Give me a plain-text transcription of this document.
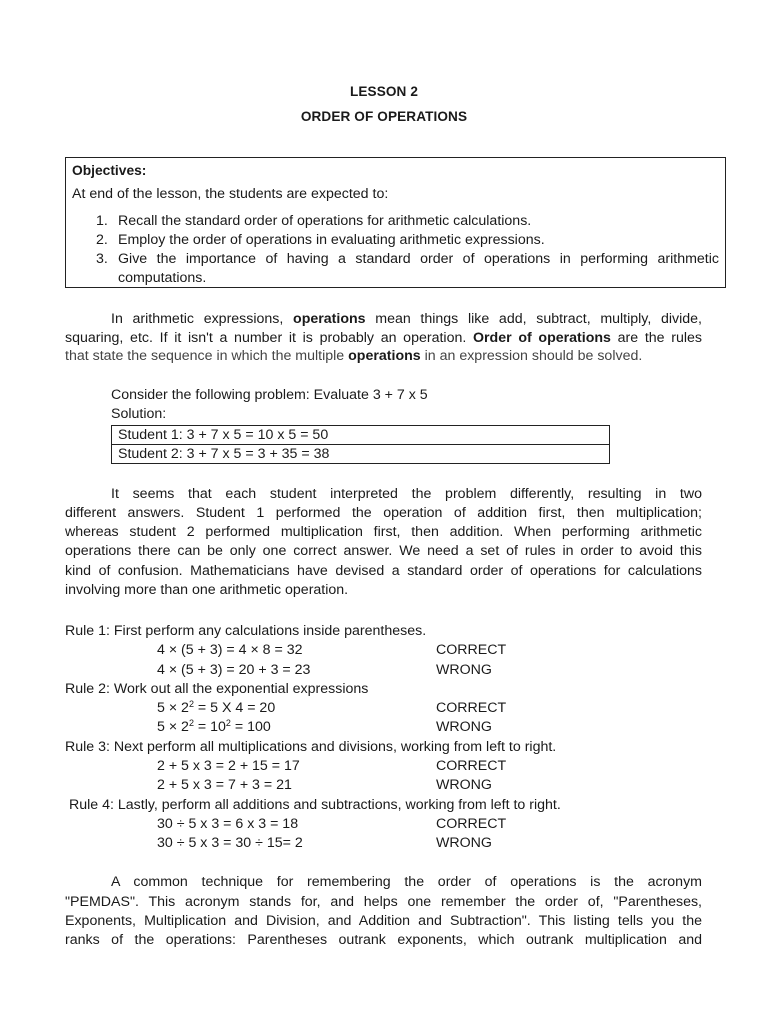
LESSON 2
ORDER OF OPERATIONS
Objectives:
At end of the lesson, the students are expected to:
1. Recall the standard order of operations for arithmetic calculations.
2. Employ the order of operations in evaluating arithmetic expressions.
3. Give the importance of having a standard order of operations in performing arithmetic
computations.
In arithmetic expressions, operations mean things like add, subtract, multiply, divide,
squaring, etc. If it isn't a number it is probably an operation. Order of operations are the rules
that state the sequence in which the multiple operations in an expression should be solved.
Consider the following problem: Evaluate 3 + 7 x 5
Solution:
Student 1: 3 + 7 x 5 = 10 x 5 = 50
Student 2: 3 + 7 x 5 = 3 + 35 = 38
It seems that each student interpreted the problem differently, resulting in two
different answers. Student 1 performed the operation of addition first, then multiplication;
whereas student 2 performed multiplication first, then addition. When performing arithmetic
operations there can be only one correct answer. We need a set of rules in order to avoid this
kind of confusion. Mathematicians have devised a standard order of operations for calculations
involving more than one arithmetic operation.
Rule 1: First perform any calculations inside parentheses.
4 × (5 + 3) = 4 × 8 = 32	CORRECT
4 × (5 + 3) = 20 + 3 = 23	WRONG
Rule 2: Work out all the exponential expressions
$5 \times 2^2 = 5$ X 4 = 20	CORRECT
$5 \times 2^2 = 10^2 = 100$	WRONG
Rule 3: Next perform all multiplications and divisions, working from left to right.
2 + 5 x 3 = 2 + 15 = 17	CORRECT
2 + 5 x 3 = 7 + 3 = 21	WRONG
Rule 4: Lastly, perform all additions and subtractions, working from left to right.
30 ÷ 5 x 3 = 6 x 3 = 18	CORRECT
30 ÷ 5 x 3 = 30 ÷ 15= 2	WRONG
A common technique for remembering the order of operations is the acronym
"PEMDAS". This acronym stands for, and helps one remember the order of, "Parentheses,
Exponents, Multiplication and Division, and Addition and Subtraction". This listing tells you the
ranks of the operations: Parentheses outrank exponents, which outrank multiplication and
